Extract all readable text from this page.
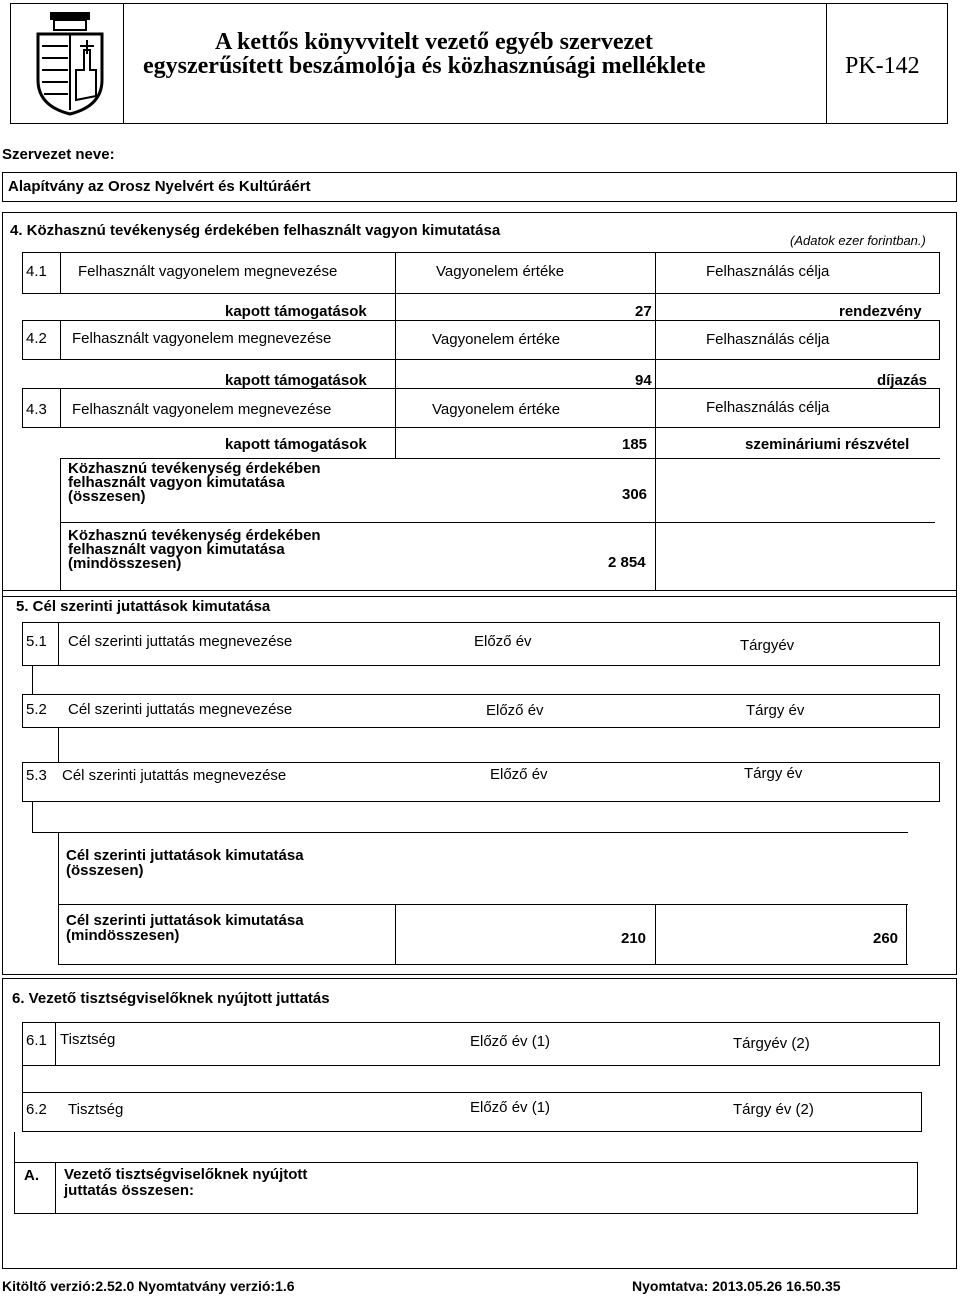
A kettős könyvvitelt vezető egyéb szervezet
egyszerűsített beszámolója és közhasznúsági melléklete	PK-142
Szervezet neve:
Alapítvány az Orosz Nyelvért és Kultúráért
4. Közhasznú tevékenység érdekében felhasznált vagyon kimutatása
(Adatok ezer forintban.)
4.1 Felhasznált vagyonelem megnevezése	Vagyonelem értéke	Felhasználás célja
kapott támogatások	27	rendezvény
4.2 Felhasznált vagyonelem megnevezése	Vagyonelem értéke	Felhasználás célja
kapott támogatások	94	díjazás
4.3 Felhasznált vagyonelem megnevezése	Vagyonelem értéke	Felhasználás célja
kapott támogatások	185	szemináriumi részvétel
Közhasznú tevékenység érdekében
felhasznált vagyon kimutatása
(összesen)	306
Közhasznú tevékenység érdekében
felhasznált vagyon kimutatása
(mindösszesen)	2 854
5. Cél szerinti jutattások kimutatása
5.1 Cél szerinti juttatás megnevezése	Előző év	Tárgyév
5.2 Cél szerinti juttatás megnevezése	Előző év	Tárgy év
5.3 Cél szerinti jutattás megnevezése	Előző év	Tárgy év
Cél szerinti juttatások kimutatása
(összesen)
Cél szerinti juttatások kimutatása
(mindösszesen)	210	260
6. Vezető tisztségviselőknek nyújtott juttatás
6.1 Tisztség	Előző év (1)	Tárgyév (2)
6.2 Tisztség	Előző év (1)	Tárgy év (2)
A. Vezető tisztségviselőknek nyújtott
juttatás összesen:
Kitöltő verzió:2.52.0 Nyomtatvány verzió:1.6	Nyomtatva: 2013.05.26 16.50.35
